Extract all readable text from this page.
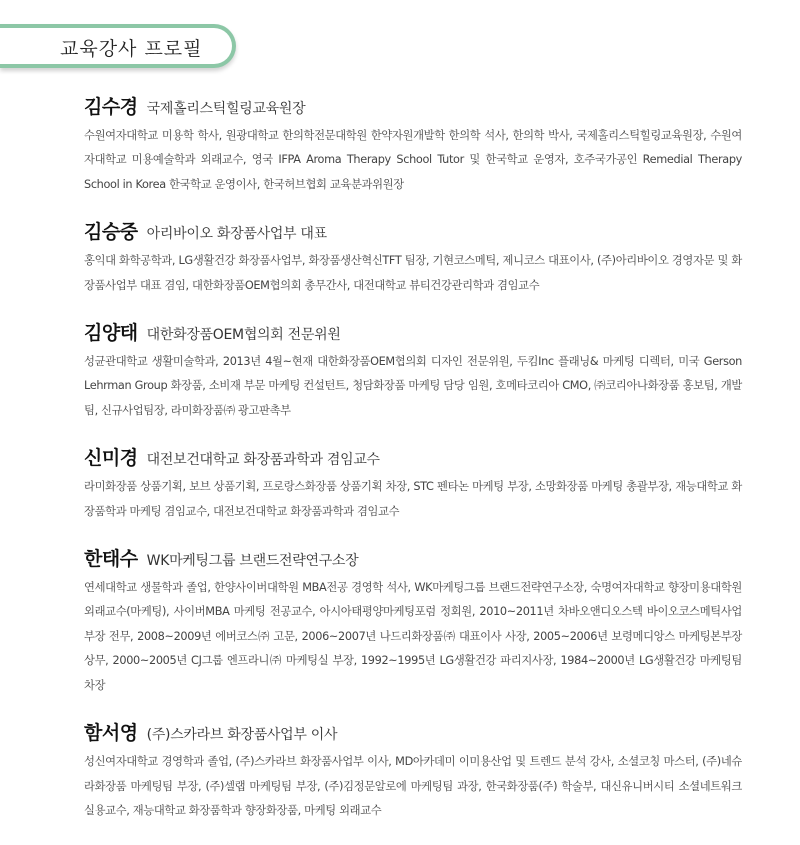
교육강사 프로필
김수경 국제홀리스틱힐링교육원장

수원여자대학교 미용학 학사, 원광대학교 한의학전문대학원 한약자원개발학 한의학 석사, 한의학 박사, 국제홀리스틱힐링교육원장, 수원여자대학교 미용예술학과 외래교수, 영국 IFPA Aroma Therapy School Tutor 및 한국학교 운영자, 호주국가공인 Remedial Therapy School in Korea 한국학교 운영이사, 한국허브협회 교육분과위원장

김승중 아리바이오 화장품사업부 대표

홍익대 화학공학과, LG생활건강 화장품사업부, 화장품생산혁신TFT 팀장, 기현코스메틱, 제니코스 대표이사, (주)아리바이오 경영자문 및 화장품사업부 대표 겸임, 대한화장품OEM협의회 총무간사, 대전대학교 뷰티건강관리학과 겸임교수

김양태 대한화장품OEM협의회 전문위원

성균관대학교 생활미술학과, 2013년 4월~현재 대한화장품OEM협의회 디자인 전문위원, 두킴Inc 플래닝& 마케팅 디렉터, 미국 Gerson Lehrman Group 화장품, 소비재 부문 마케팅 컨설턴트, 청담화장품 마케팅 담당 임원, 호메타코리아 CMO, ㈜코리아나화장품 홍보팀, 개발팀, 신규사업팀장, 라미화장품㈜ 광고판촉부

신미경 대전보건대학교 화장품과학과 겸임교수

라미화장품 상품기획, 보브 상품기획, 프로랑스화장품 상품기획 차장, STC 펜타논 마케팅 부장, 소망화장품 마케팅 총괄부장, 재능대학교 화장품학과 마케팅 겸임교수, 대전보건대학교 화장품과학과 겸임교수

한태수 WK마케팅그룹 브랜드전략연구소장

연세대학교 생물학과 졸업, 한양사이버대학원 MBA전공 경영학 석사, WK마케팅그룹 브랜드전략연구소장, 숙명여자대학교 향장미용대학원 외래교수(마케팅), 사이버MBA 마케팅 전공교수, 아시아태평양마케팅포럼 정회원, 2010~2011년 차바오앤디오스텍 바이오코스메틱사업부장 전무, 2008~2009년 에버코스㈜ 고문, 2006~2007년 나드리화장품㈜ 대표이사 사장, 2005~2006년 보령메디앙스 마케팅본부장 상무, 2000~2005년 CJ그룹 엔프라니㈜ 마케팅실 부장, 1992~1995년 LG생활건강 파리지사장, 1984~2000년 LG생활건강 마케팅팀 차장

함서영 (주)스카라브 화장품사업부 이사

성신여자대학교 경영학과 졸업, (주)스카라브 화장품사업부 이사, MD아카데미 이미용산업 및 트렌드 분석 강사, 소셜코칭 마스터, (주)네슈라화장품 마케팅팀 부장, (주)셀랩 마케팅팀 부장, (주)김정문알로에 마케팅팀 과장, 한국화장품(주) 학술부, 대신유니버시티 소셜네트워크 실용교수, 재능대학교 화장품학과 향장화장품, 마케팅 외래교수
